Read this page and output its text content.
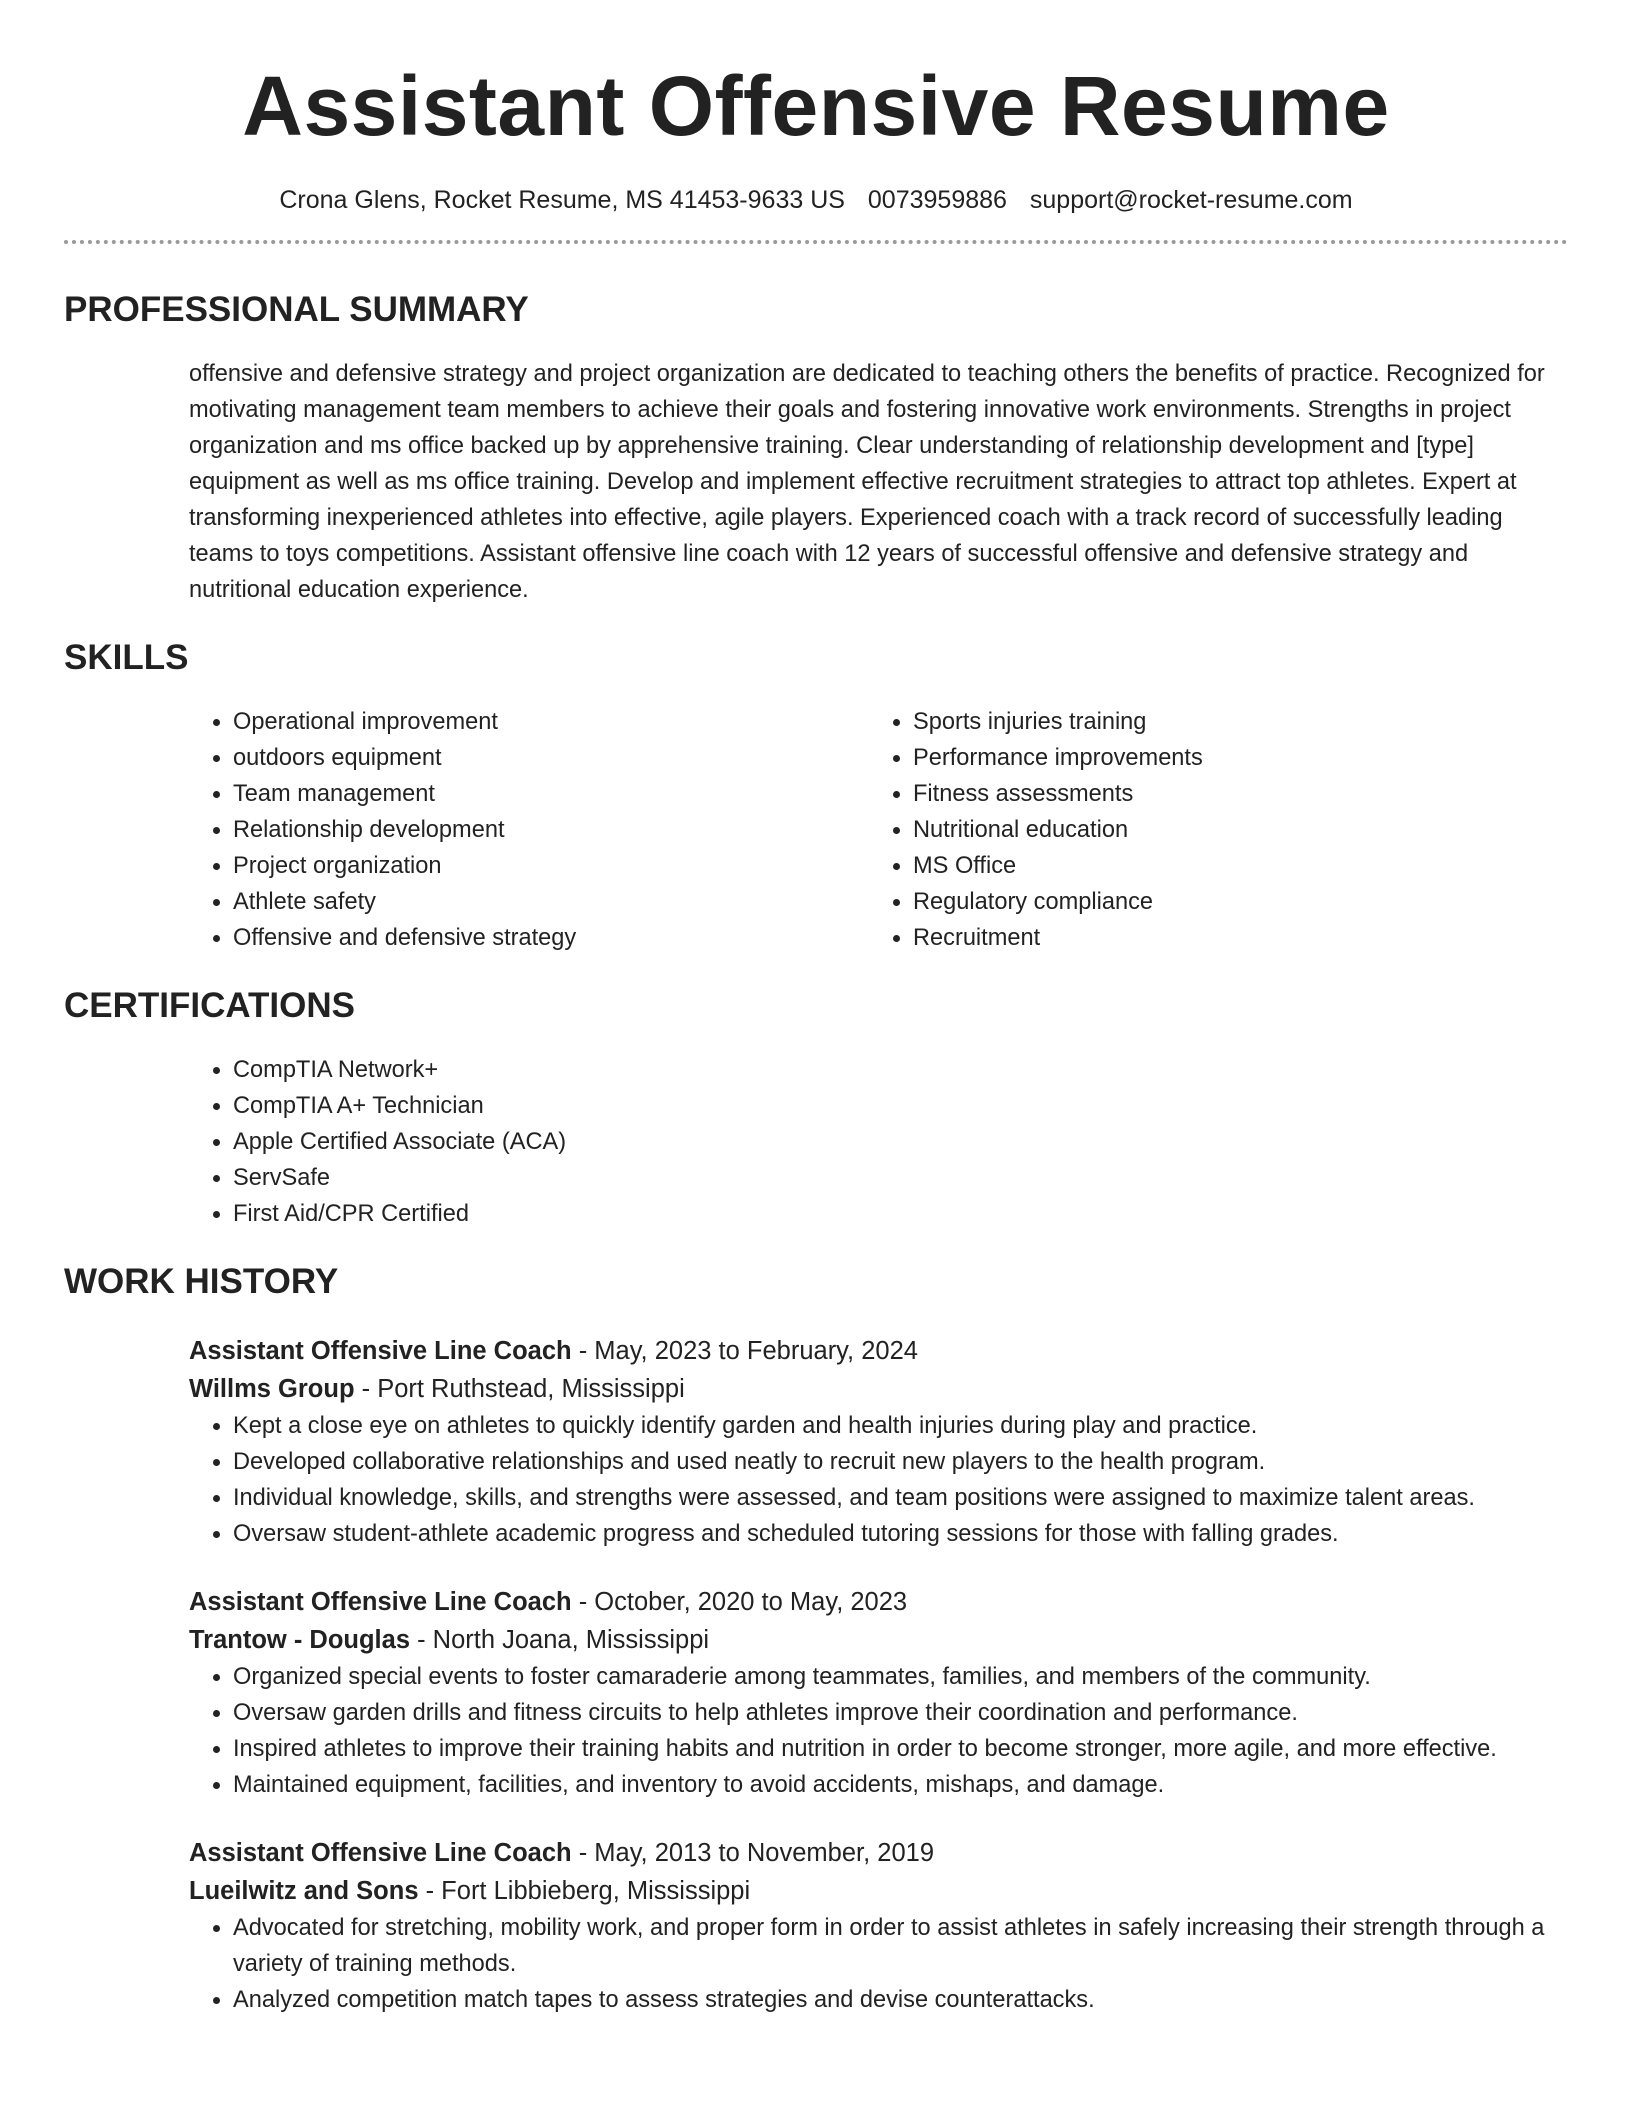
Assistant Offensive Resume
Crona Glens, Rocket Resume, MS 41453-9633 US 0073959886 support@rocket-resume.com
PROFESSIONAL SUMMARY

offensive and defensive strategy and project organization are dedicated to teaching others the benefits of practice. Recognized for motivating management team members to achieve their goals and fostering innovative work environments. Strengths in project organization and ms office backed up by apprehensive training. Clear understanding of relationship development and [type] equipment as well as ms office training. Develop and implement effective recruitment strategies to attract top athletes. Expert at transforming inexperienced athletes into effective, agile players. Experienced coach with a track record of successfully leading teams to toys competitions. Assistant offensive line coach with 12 years of successful offensive and defensive strategy and nutritional education experience.

SKILLS
• Operational improvement
• outdoors equipment
• Team management
• Relationship development
• Project organization
• Athlete safety
• Offensive and defensive strategy
• Sports injuries training
• Performance improvements
• Fitness assessments
• Nutritional education
• MS Office
• Regulatory compliance
• Recruitment
CERTIFICATIONS
• CompTIA Network+
• CompTIA A+ Technician
• Apple Certified Associate (ACA)
• ServSafe
• First Aid/CPR Certified
WORK HISTORY
Assistant Offensive Line Coach - May, 2023 to February, 2024
Willms Group - Port Ruthstead, Mississippi
• Kept a close eye on athletes to quickly identify garden and health injuries during play and practice.
• Developed collaborative relationships and used neatly to recruit new players to the health program.
• Individual knowledge, skills, and strengths were assessed, and team positions were assigned to maximize talent areas.
• Oversaw student-athlete academic progress and scheduled tutoring sessions for those with falling grades.
Assistant Offensive Line Coach - October, 2020 to May, 2023
Trantow - Douglas - North Joana, Mississippi
• Organized special events to foster camaraderie among teammates, families, and members of the community.
• Oversaw garden drills and fitness circuits to help athletes improve their coordination and performance.
• Inspired athletes to improve their training habits and nutrition in order to become stronger, more agile, and more effective.
• Maintained equipment, facilities, and inventory to avoid accidents, mishaps, and damage.
Assistant Offensive Line Coach - May, 2013 to November, 2019
Lueilwitz and Sons - Fort Libbieberg, Mississippi
• Advocated for stretching, mobility work, and proper form in order to assist athletes in safely increasing their strength through a variety of training methods.
• Analyzed competition match tapes to assess strategies and devise counterattacks.
